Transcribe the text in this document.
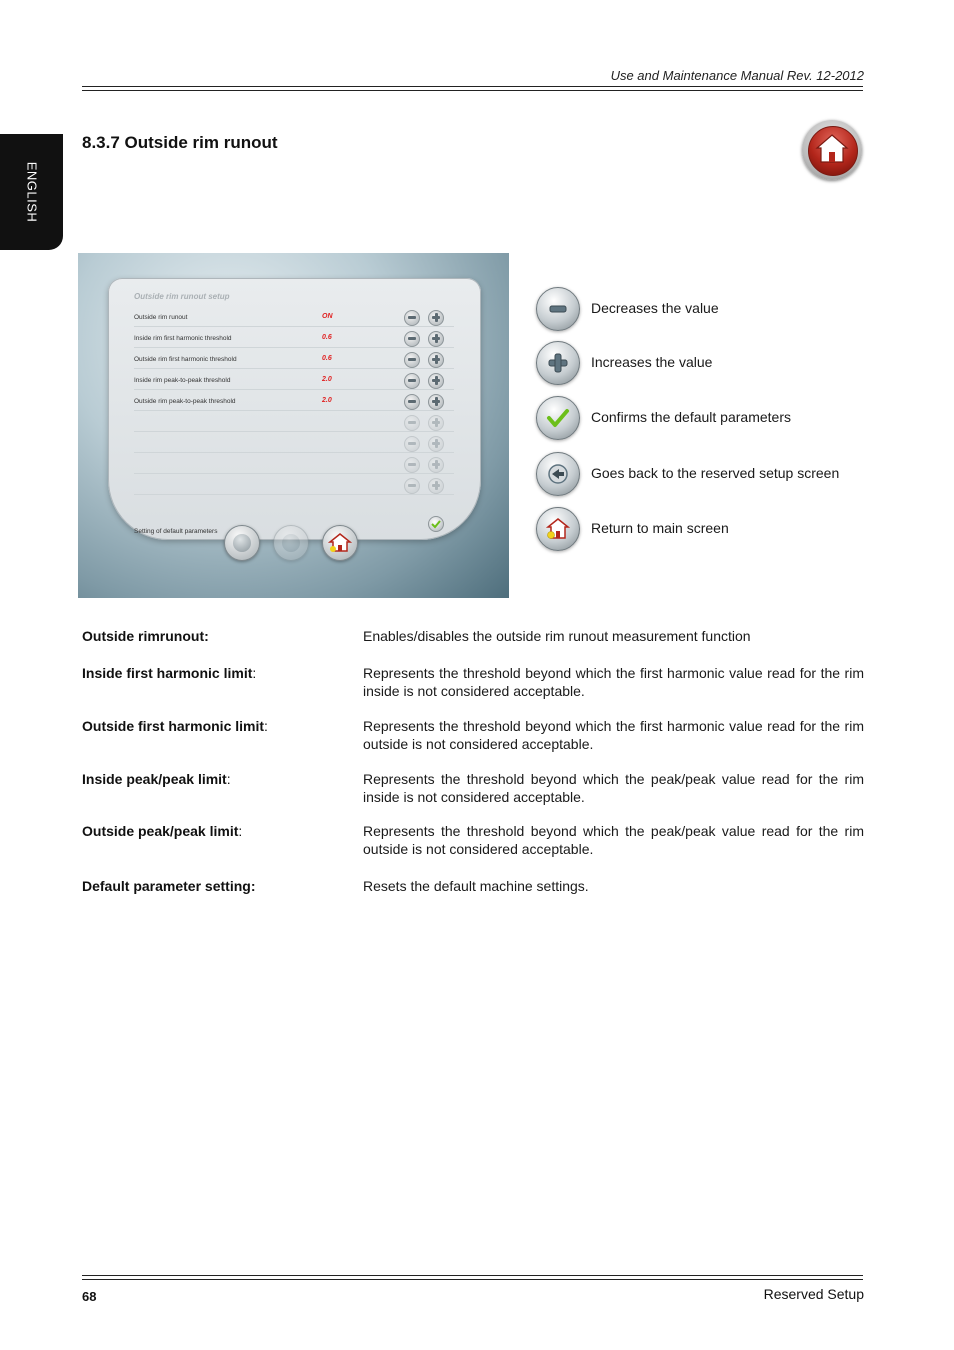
Use and Maintenance Manual Rev. 12-2012
ENGLISH
8.3.7 Outside rim runout
Outside rim runout setup
Outside rim runout	ON
Inside rim first harmonic threshold	0.6
Outside rim first harmonic threshold	0.6
Inside rim peak-to-peak threshold	2.0
Outside rim peak-to-peak threshold	2.0
Setting of default parameters
Decreases the value
Increases the value
Confirms the default parameters
Goes back to the reserved setup screen
Return to main screen
Outside rimrunout:	Enables/disables the outside rim runout measurement function
Inside first harmonic limit:	Represents the threshold beyond which the first harmonic value read for the rim inside is not considered acceptable.
Outside first harmonic limit:	Represents the threshold beyond which the first harmonic value read for the rim outside is not considered acceptable.
Inside peak/peak limit:	Represents the threshold beyond which the peak/peak value read for the rim inside is not considered acceptable.
Outside peak/peak limit:	Represents the threshold beyond which the peak/peak value read for the rim outside is not considered acceptable.
Default parameter setting:	Resets the default machine settings.
68	Reserved Setup
